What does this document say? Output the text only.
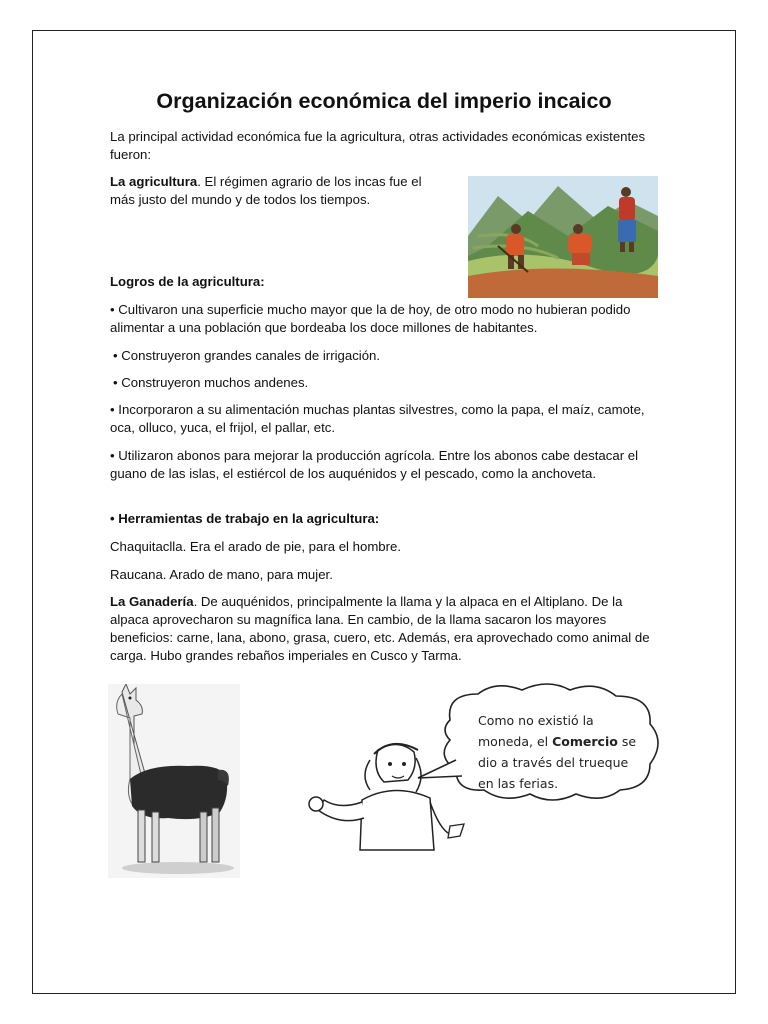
Organización económica del imperio incaico

La principal actividad económica fue la agricultura, otras actividades económicas existentes fueron:

La agricultura. El régimen agrario de los incas fue el más justo del mundo y de todos los tiempos.

Logros de la agricultura:

• Cultivaron una superficie mucho mayor que la de hoy, de otro modo no hubieran podido alimentar a una población que bordeaba los doce millones de habitantes.

• Construyeron grandes canales de irrigación.

• Construyeron muchos andenes.

• Incorporaron a su alimentación muchas plantas silvestres, como la papa, el maíz, camote, oca, olluco, yuca, el frijol, el pallar, etc.

• Utilizaron abonos para mejorar la producción agrícola. Entre los abonos cabe destacar el guano de las islas, el estiércol de los auquénidos y el pescado, como la anchoveta.

• Herramientas de trabajo en la agricultura:

Chaquitaclla. Era el arado de pie, para el hombre.

Raucana. Arado de mano, para mujer.

La Ganadería. De auquénidos, principalmente la llama y la alpaca en el Altiplano. De la alpaca aprovecharon su magnífica lana. En cambio, de la llama sacaron los mayores beneficios: carne, lana, abono, grasa, cuero, etc. Además, era aprovechado como animal de carga. Hubo grandes rebaños imperiales en Cusco y Tarma.

Como no existió la
moneda, el Comercio se
dio a través del trueque
en las ferias.
